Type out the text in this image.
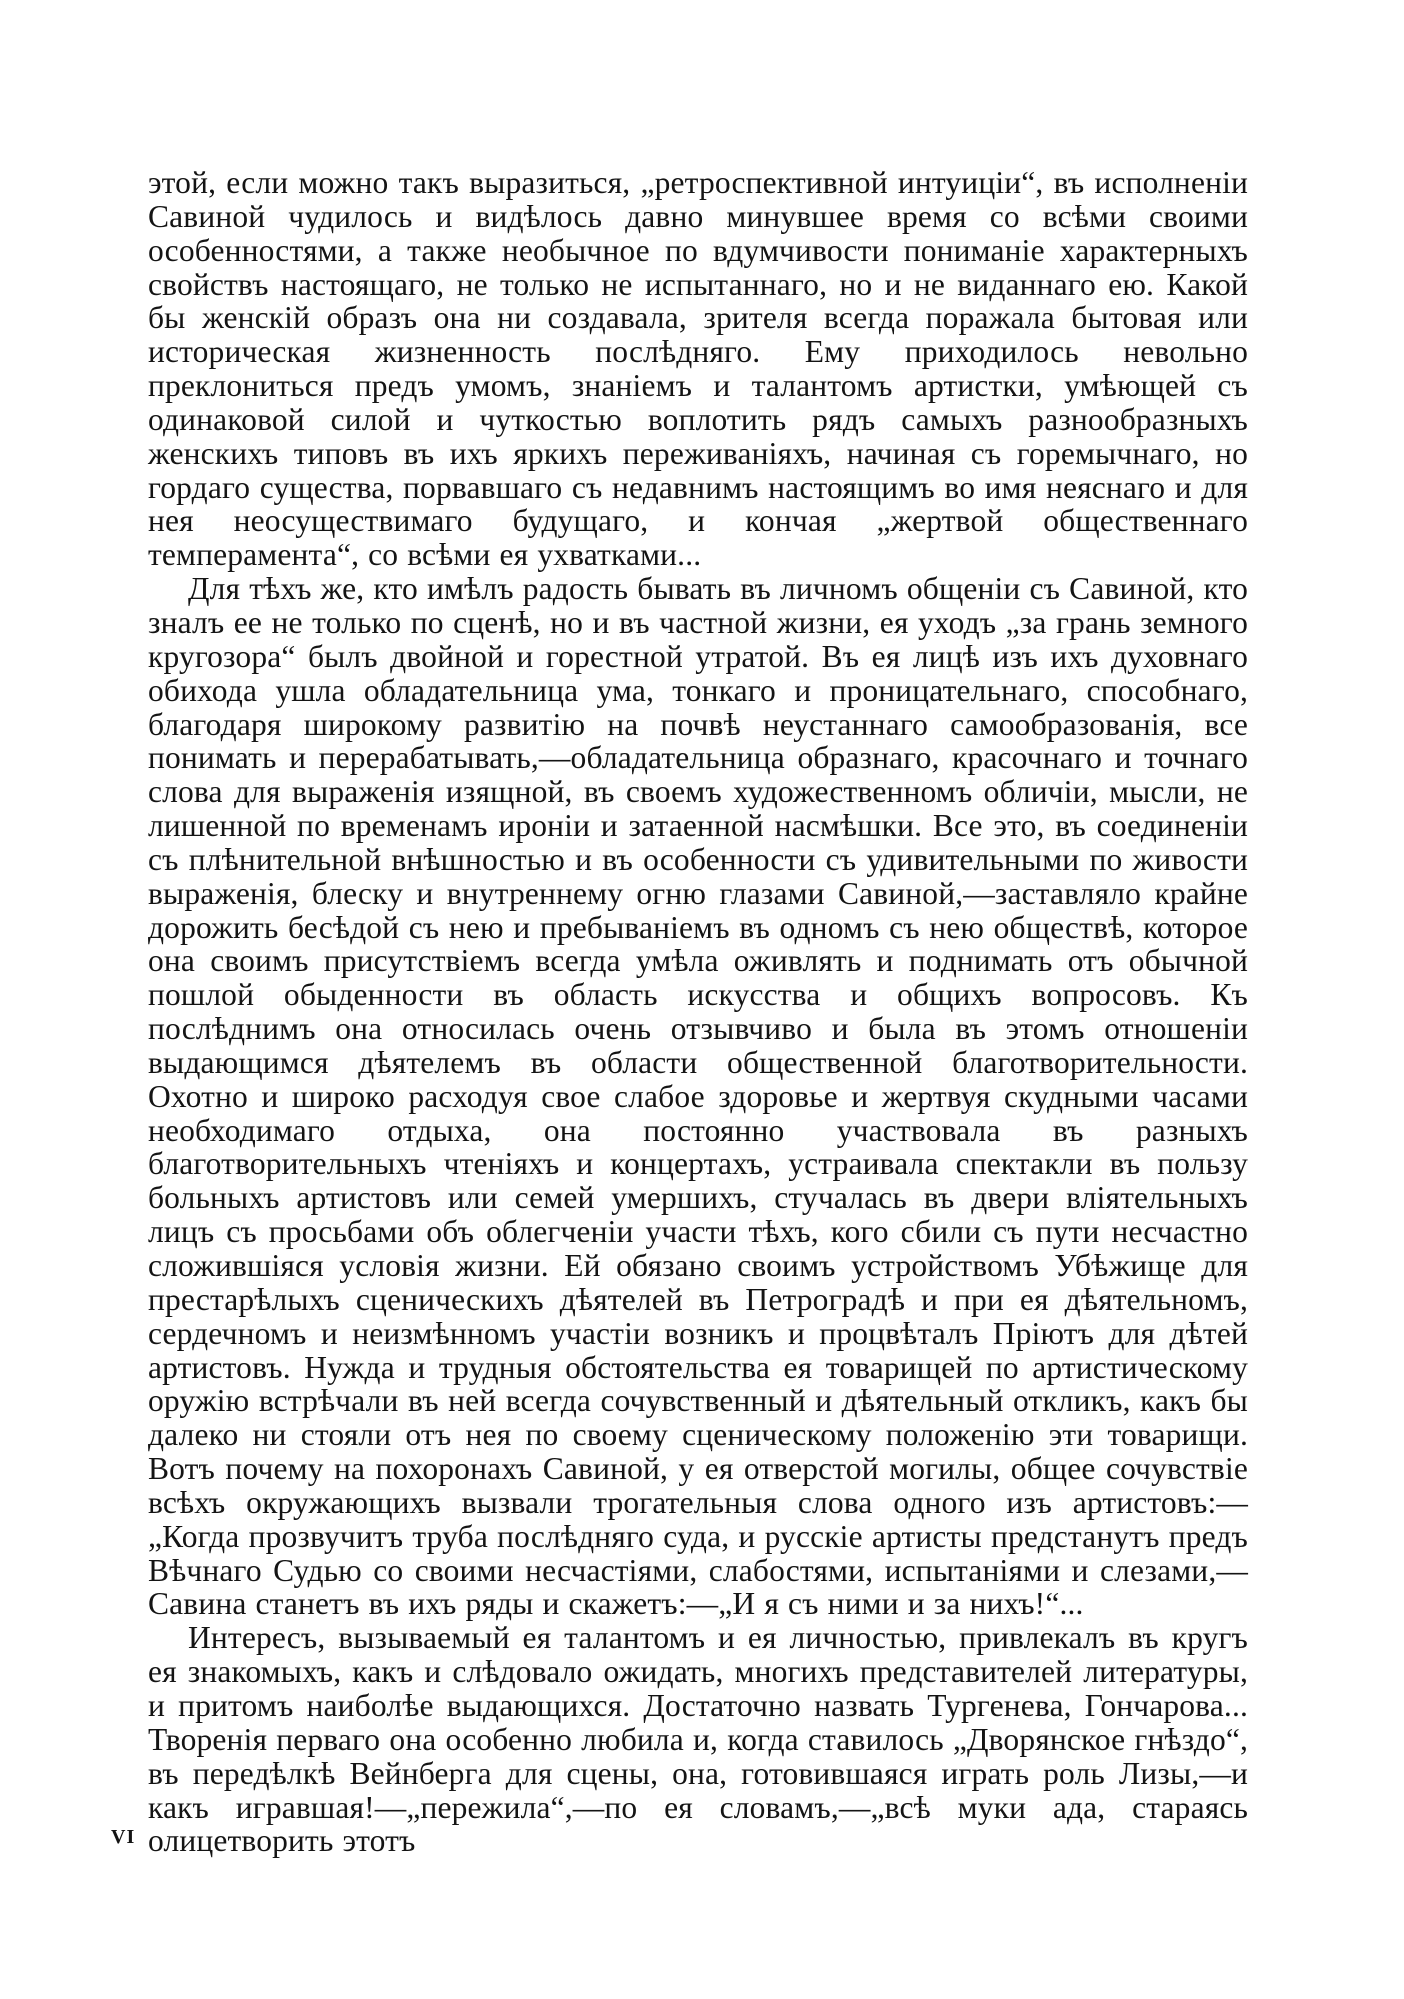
этой, если можно такъ выразиться, „ретроспективной интуиціи“, въ исполненіи Савиной чудилось и видѣлось давно минувшее время со всѣми своими особенностями, а также необычное по вдумчивости пониманіе характерныхъ свойствъ настоящаго, не только не испытаннаго, но и не виданнаго ею. Какой бы женскій образъ она ни создавала, зрителя всегда поражала бытовая или историческая жизненность послѣдняго. Ему приходилось невольно преклониться предъ умомъ, знаніемъ и талантомъ артистки, умѣющей съ одинаковой силой и чуткостью воплотить рядъ самыхъ разнообразныхъ женскихъ типовъ въ ихъ яркихъ переживаніяхъ, начиная съ горемычнаго, но гордаго существа, порвавшаго съ недавнимъ настоящимъ во имя неяснаго и для нея неосуществимаго будущаго, и кончая „жертвой общественнаго темперамента“, со всѣми ея ухватками...

Для тѣхъ же, кто имѣлъ радость бывать въ личномъ общеніи съ Савиной, кто зналъ ее не только по сценѣ, но и въ частной жизни, ея уходъ „за грань земного кругозора“ былъ двойной и горестной утратой. Въ ея лицѣ изъ ихъ духовнаго обихода ушла обладательница ума, тонкаго и проницательнаго, способнаго, благодаря широкому развитію на почвѣ неустаннаго самообразованія, все понимать и перерабатывать,—обладательница образнаго, красочнаго и точнаго слова для выраженія изящной, въ своемъ художественномъ обличіи, мысли, не лишенной по временамъ ироніи и затаенной насмѣшки. Все это, въ соединеніи съ плѣнительной внѣшностью и въ особенности съ удивительными по живости выраженія, блеску и внутреннему огню глазами Савиной,—заставляло крайне дорожить бесѣдой съ нею и пребываніемъ въ одномъ съ нею обществѣ, которое она своимъ присутствіемъ всегда умѣла оживлять и поднимать отъ обычной пошлой обыденности въ область искусства и общихъ вопросовъ. Къ послѣднимъ она относилась очень отзывчиво и была въ этомъ отношеніи выдающимся дѣятелемъ въ области общественной благотворительности. Охотно и широко расходуя свое слабое здоровье и жертвуя скудными часами необходимаго отдыха, она постоянно участвовала въ разныхъ благотворительныхъ чтеніяхъ и концертахъ, устраивала спектакли въ пользу больныхъ артистовъ или семей умершихъ, стучалась въ двери вліятельныхъ лицъ съ просьбами объ облегченіи участи тѣхъ, кого сбили съ пути несчастно сложившіяся условія жизни. Ей обязано своимъ устройствомъ Убѣжище для престарѣлыхъ сценическихъ дѣятелей въ Петроградѣ и при ея дѣятельномъ, сердечномъ и неизмѣнномъ участіи возникъ и процвѣталъ Пріютъ для дѣтей артистовъ. Нужда и трудныя обстоятельства ея товарищей по артистическому оружію встрѣчали въ ней всегда сочувственный и дѣятельный откликъ, какъ бы далеко ни стояли отъ нея по своему сценическому положенію эти товарищи. Вотъ почему на похоронахъ Савиной, у ея отверстой могилы, общее сочувствіе всѣхъ окружающихъ вызвали трогательныя слова одного изъ артистовъ:—„Когда прозвучитъ труба послѣдняго суда, и русскіе артисты предстанутъ предъ Вѣчнаго Судью со своими несчастіями, слабостями, испытаніями и слезами,—Савина станетъ въ ихъ ряды и скажетъ:—„И я съ ними и за нихъ!“...

Интересъ, вызываемый ея талантомъ и ея личностью, привлекалъ въ кругъ ея знакомыхъ, какъ и слѣдовало ожидать, многихъ представителей литературы, и притомъ наиболѣе выдающихся. Достаточно назвать Тургенева, Гончарова... Творенія перваго она особенно любила и, когда ставилось „Дворянское гнѣздо“, въ передѣлкѣ Вейнберга для сцены, она, готовившаяся играть роль Лизы,—и какъ игравшая!—„пережила“,—по ея словамъ,—„всѣ муки ада, стараясь олицетворить этотъ

VI
